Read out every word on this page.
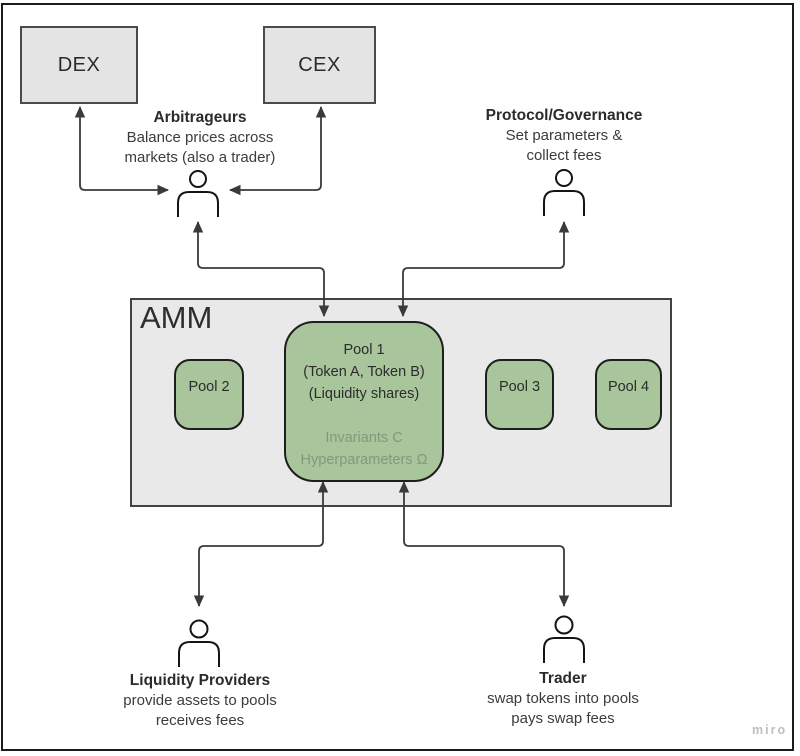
DEX	CEX
AMM
Pool 1
(Token A, Token B)
(Liquidity shares)
Invariants C
Hyperparameters Ω
Pool 2	Pool 3	Pool 4
Arbitrageurs
Balance prices across
markets (also a trader)
Protocol/Governance
Set parameters &
collect fees
Liquidity Providers
provide assets to pools
receives fees
Trader
swap tokens into pools
pays swap fees
miro
